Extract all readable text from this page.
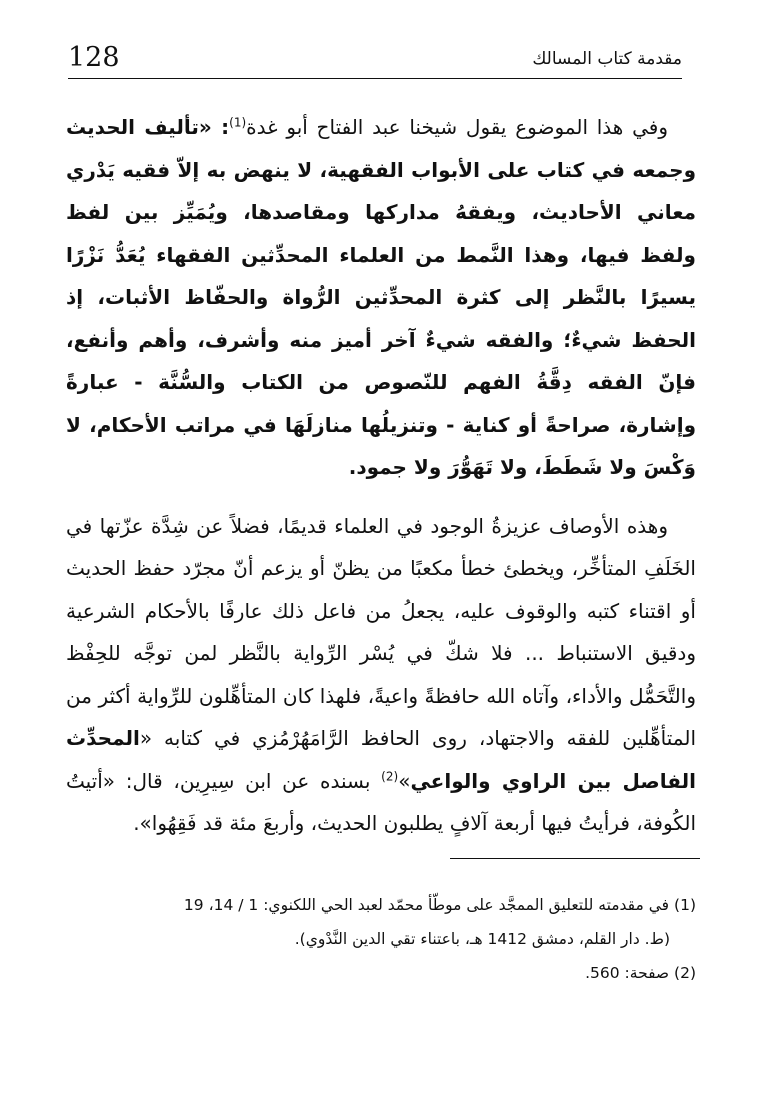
128	مقدمة كتاب المسالك

وفي هذا الموضوع يقول شيخنا عبد الفتاح أبو غدة$^{(1)}$: «تأليف الحديث وجمعه في كتاب على الأبواب الفقهية، لا ينهض به إلاّ فقيه يَدْري معاني الأحاديث، ويفقهُ مداركها ومقاصدها، ويُمَيِّز بين لفظ ولفظ فيها، وهذا النَّمط من العلماء المحدِّثين الفقهاء يُعَدُّ نَزْرًا يسيرًا بالنَّظر إلى كثرة المحدِّثين الرُّواة والحفّاظ الأثبات، إذ الحفظ شيءٌ؛ والفقه شيءٌ آخر أميز منه وأشرف، وأهم وأنفع، فإنّ الفقه دِقَّةُ الفهم للنّصوص من الكتاب والسُّنَّة - عبارةً وإشارة، صراحةً أو كناية - وتنزيلُها منازلَهَا في مراتب الأحكام، لا وَكْسَ ولا شَطَطَ، ولا تَهَوُّرَ ولا جمود.

وهذه الأوصاف عزيزةُ الوجود في العلماء قديمًا، فضلاً عن شِدَّة عزّتها في الخَلَفِ المتأخِّر، ويخطئ خطأ مكعبًا من يظنّ أو يزعم أنّ مجرّد حفظ الحديث أو اقتناء كتبه والوقوف عليه، يجعلُ من فاعل ذلك عارفًا بالأحكام الشرعية ودقيق الاستنباط ... فلا شكّ في يُسْر الرِّواية بالنَّظر لمن توجَّه للحِفْظ والتَّحَمُّل والأداء، وآتاه الله حافظةً واعيةً، فلهذا كان المتأهِّلون للرِّواية أكثر من المتأهِّلين للفقه والاجتهاد، روى الحافظ الرَّامَهُرْمُزي في كتابه «المحدِّث الفاصل بين الراوي والواعي»$^{(2)}$ بسنده عن ابن سِيرِين، قال: «أتيتُ الكُوفة، فرأيتُ فيها أربعة آلافٍ يطلبون الحديث، وأربعَ مئة قد فَقِهُوا».

(1) في مقدمته للتعليق الممجَّد على موطّأ محمّد لعبد الحي اللكنوي: 1 / 14، 19

(ط. دار القلم، دمشق 1412 هـ، باعتناء تقي الدين النَّدْوي).

(2) صفحة: 560.
